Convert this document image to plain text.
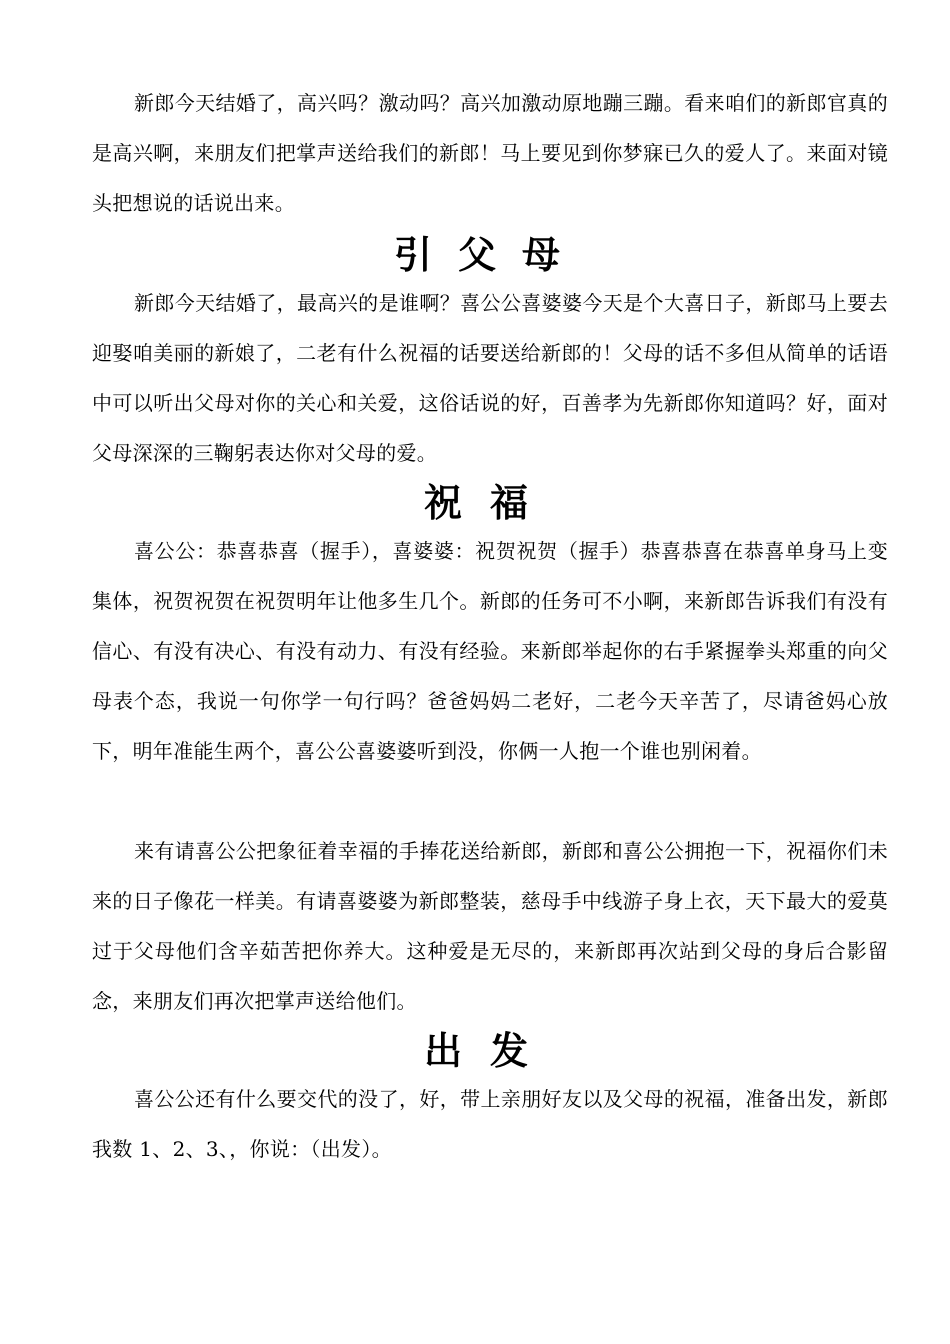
新郎今天结婚了，高兴吗？激动吗？高兴加激动原地蹦三蹦。看来咱们的新郎官真的是高兴啊，来朋友们把掌声送给我们的新郎！马上要见到你梦寐已久的爱人了。来面对镜头把想说的话说出来。

引父母

新郎今天结婚了，最高兴的是谁啊？喜公公喜婆婆今天是个大喜日子，新郎马上要去迎娶咱美丽的新娘了，二老有什么祝福的话要送给新郎的！父母的话不多但从简单的话语中可以听出父母对你的关心和关爱，这俗话说的好，百善孝为先新郎你知道吗？好，面对父母深深的三鞠躬表达你对父母的爱。

祝福

喜公公：恭喜恭喜（握手），喜婆婆：祝贺祝贺（握手）恭喜恭喜在恭喜单身马上变集体，祝贺祝贺在祝贺明年让他多生几个。新郎的任务可不小啊，来新郎告诉我们有没有信心、有没有决心、有没有动力、有没有经验。来新郎举起你的右手紧握拳头郑重的向父母表个态，我说一句你学一句行吗？爸爸妈妈二老好，二老今天辛苦了，尽请爸妈心放下，明年准能生两个，喜公公喜婆婆听到没，你俩一人抱一个谁也别闲着。

来有请喜公公把象征着幸福的手捧花送给新郎，新郎和喜公公拥抱一下，祝福你们未来的日子像花一样美。有请喜婆婆为新郎整装，慈母手中线游子身上衣，天下最大的爱莫过于父母他们含辛茹苦把你养大。这种爱是无尽的，来新郎再次站到父母的身后合影留念，来朋友们再次把掌声送给他们。

出发

喜公公还有什么要交代的没了，好，带上亲朋好友以及父母的祝福，准备出发，新郎我数 1、2、3、，你说：（出发）。
